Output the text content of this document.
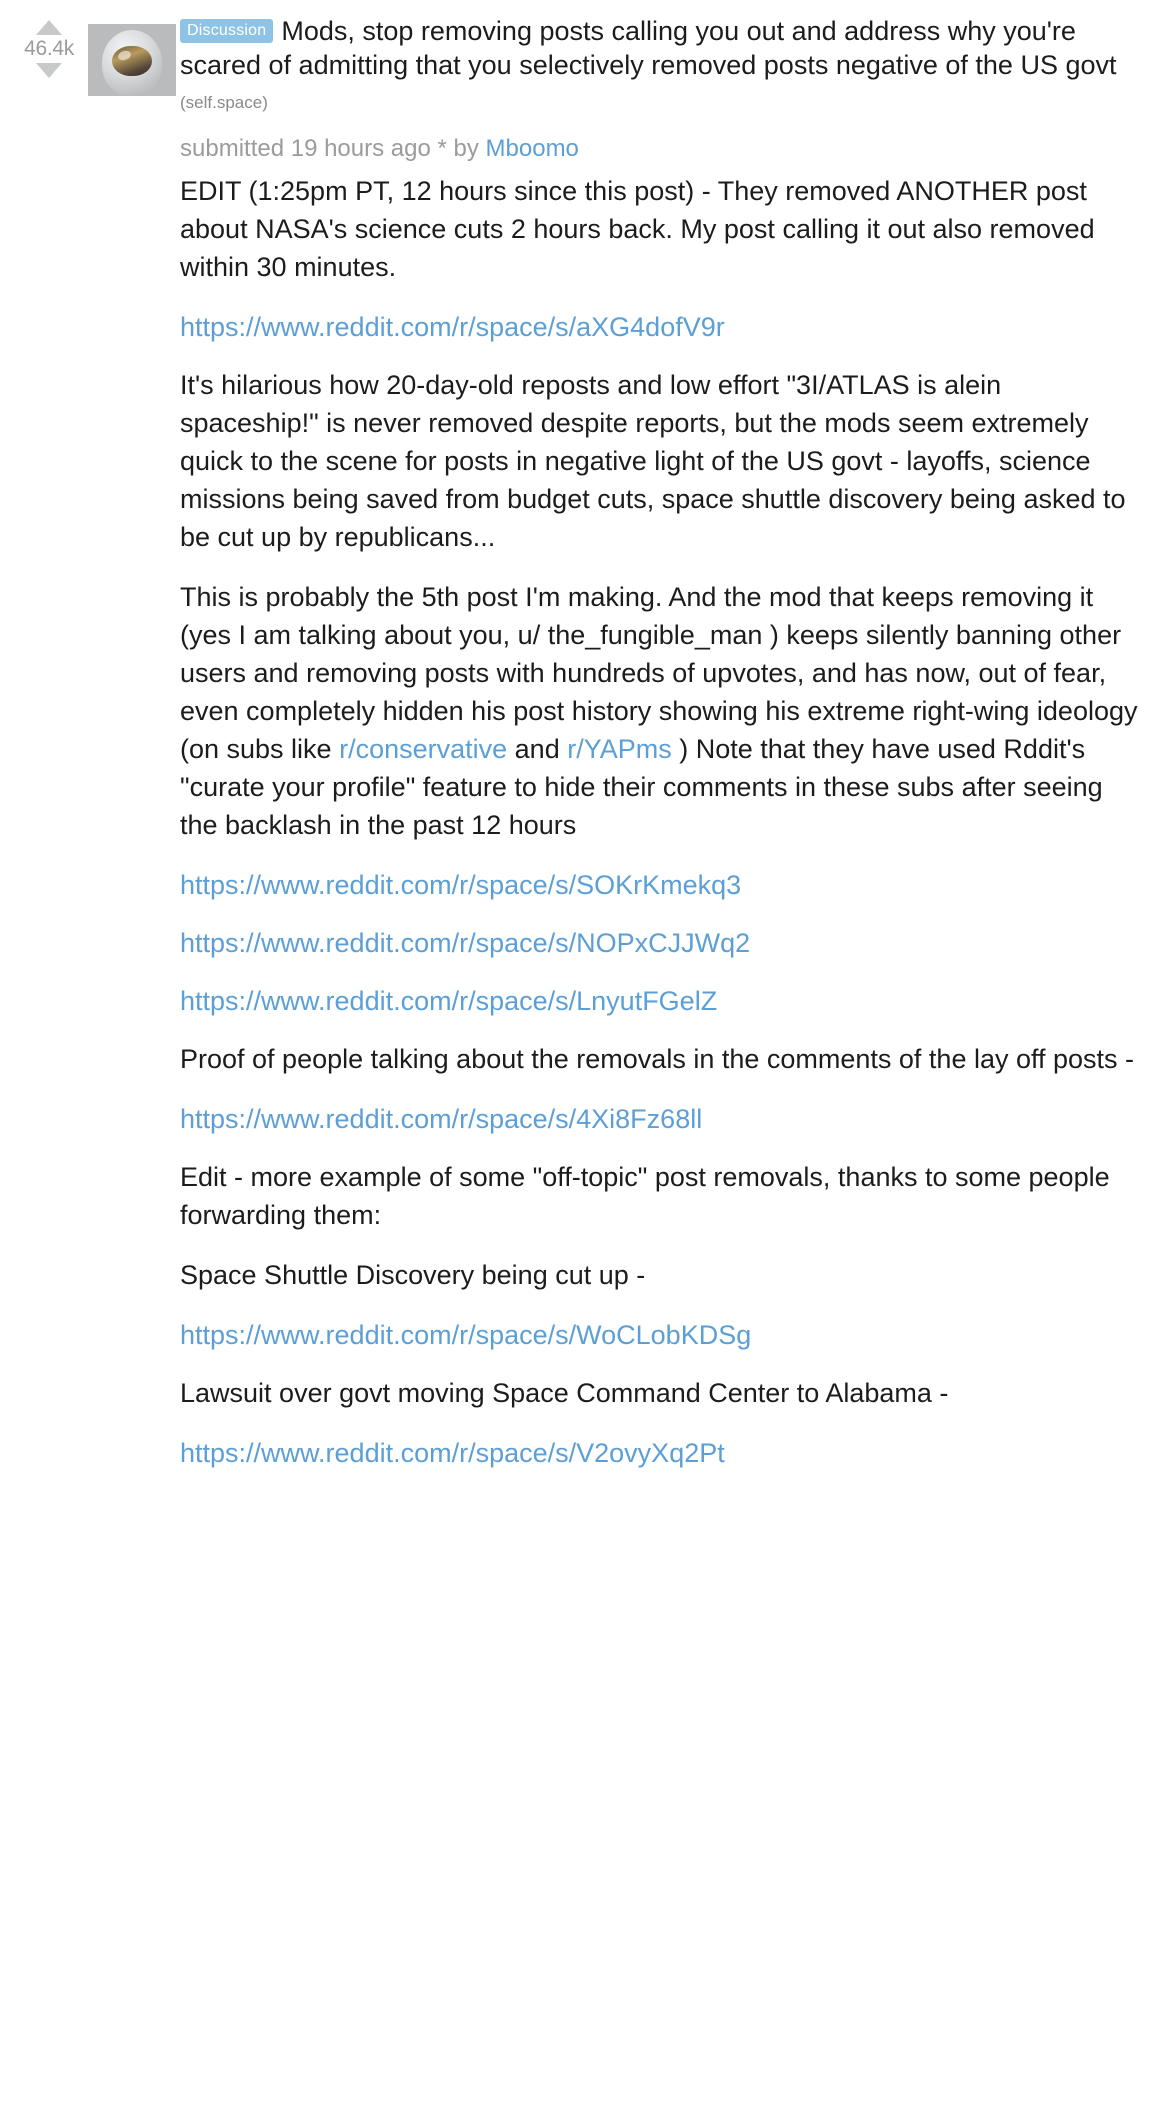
46.4k
Discussion Mods, stop removing posts calling you out and address why you're scared of admitting that you selectively removed posts negative of the US govt (self.space)
submitted 19 hours ago * by Mboomo

EDIT (1:25pm PT, 12 hours since this post) - They removed ANOTHER post about NASA's science cuts 2 hours back. My post calling it out also removed within 30 minutes.

https://www.reddit.com/r/space/s/aXG4dofV9r

It's hilarious how 20-day-old reposts and low effort "3I/ATLAS is alein spaceship!" is never removed despite reports, but the mods seem extremely quick to the scene for posts in negative light of the US govt - layoffs, science missions being saved from budget cuts, space shuttle discovery being asked to be cut up by republicans...

This is probably the 5th post I'm making. And the mod that keeps removing it (yes I am talking about you, u/ the_fungible_man ) keeps silently banning other users and removing posts with hundreds of upvotes, and has now, out of fear, even completely hidden his post history showing his extreme right-wing ideology (on subs like r/conservative and r/YAPms ) Note that they have used Rddit's "curate your profile" feature to hide their comments in these subs after seeing the backlash in the past 12 hours

https://www.reddit.com/r/space/s/SOKrKmekq3

https://www.reddit.com/r/space/s/NOPxCJJWq2

https://www.reddit.com/r/space/s/LnyutFGelZ

Proof of people talking about the removals in the comments of the lay off posts -

https://www.reddit.com/r/space/s/4Xi8Fz68ll

Edit - more example of some "off-topic" post removals, thanks to some people forwarding them:

Space Shuttle Discovery being cut up -

https://www.reddit.com/r/space/s/WoCLobKDSg

Lawsuit over govt moving Space Command Center to Alabama -

https://www.reddit.com/r/space/s/V2ovyXq2Pt
